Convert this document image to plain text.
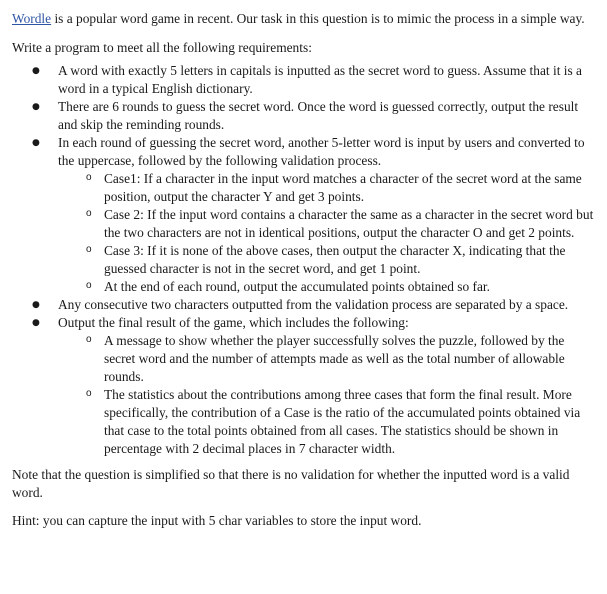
Wordle is a popular word game in recent. Our task in this question is to mimic the process in a simple way.

Write a program to meet all the following requirements:

● A word with exactly 5 letters in capitals is inputted as the secret word to guess. Assume that it is a word in a typical English dictionary.
● There are 6 rounds to guess the secret word. Once the word is guessed correctly, output the result and skip the reminding rounds.
● In each round of guessing the secret word, another 5-letter word is input by users and converted to the uppercase, followed by the following validation process.
o Case1: If a character in the input word matches a character of the secret word at the same position, output the character Y and get 3 points.
o Case 2: If the input word contains a character the same as a character in the secret word but the two characters are not in identical positions, output the character O and get 2 points.
o Case 3: If it is none of the above cases, then output the character X, indicating that the guessed character is not in the secret word, and get 1 point.
o At the end of each round, output the accumulated points obtained so far.
● Any consecutive two characters outputted from the validation process are separated by a space.
● Output the final result of the game, which includes the following:
o A message to show whether the player successfully solves the puzzle, followed by the secret word and the number of attempts made as well as the total number of allowable rounds.
o The statistics about the contributions among three cases that form the final result. More specifically, the contribution of a Case is the ratio of the accumulated points obtained via that case to the total points obtained from all cases. The statistics should be shown in percentage with 2 decimal places in 7 character width.

Note that the question is simplified so that there is no validation for whether the inputted word is a valid word.

Hint: you can capture the input with 5 char variables to store the input word.
